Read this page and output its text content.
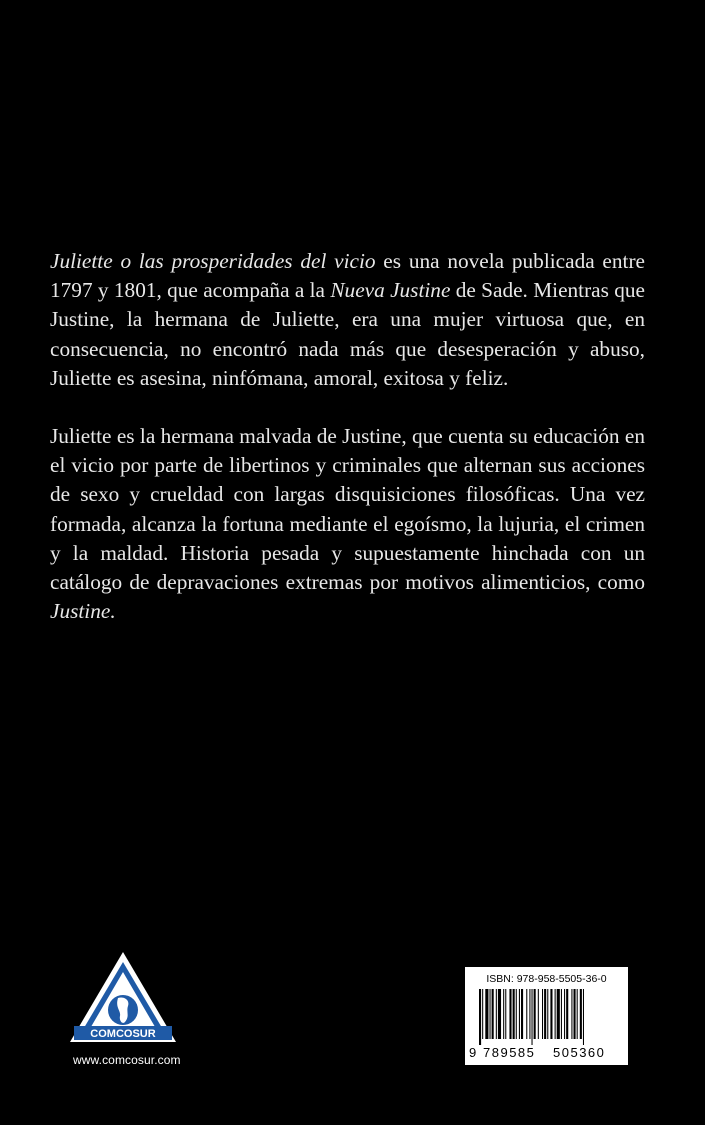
Juliette o las prosperidades del vicio es una novela publicada entre 1797 y 1801, que acompaña a la Nueva Justine de Sade. Mientras que Justine, la hermana de Juliette, era una mujer virtuosa que, en consecuencia, no encontró nada más que desesperación y abuso, Juliette es asesina, ninfómana, amoral, exitosa y feliz.

Juliette es la hermana malvada de Justine, que cuenta su educación en el vicio por parte de libertinos y criminales que alternan sus acciones de sexo y crueldad con largas disquisiciones filosóficas. Una vez formada, alcanza la fortuna mediante el egoísmo, la lujuria, el crimen y la maldad. Historia pesada y supuestamente hinchada con un catálogo de depravaciones extremas por motivos alimenticios, como Justine.

COMCOSUR
www.comcosur.com
ISBN: 978-958-5505-36-0
9 789585 505360
